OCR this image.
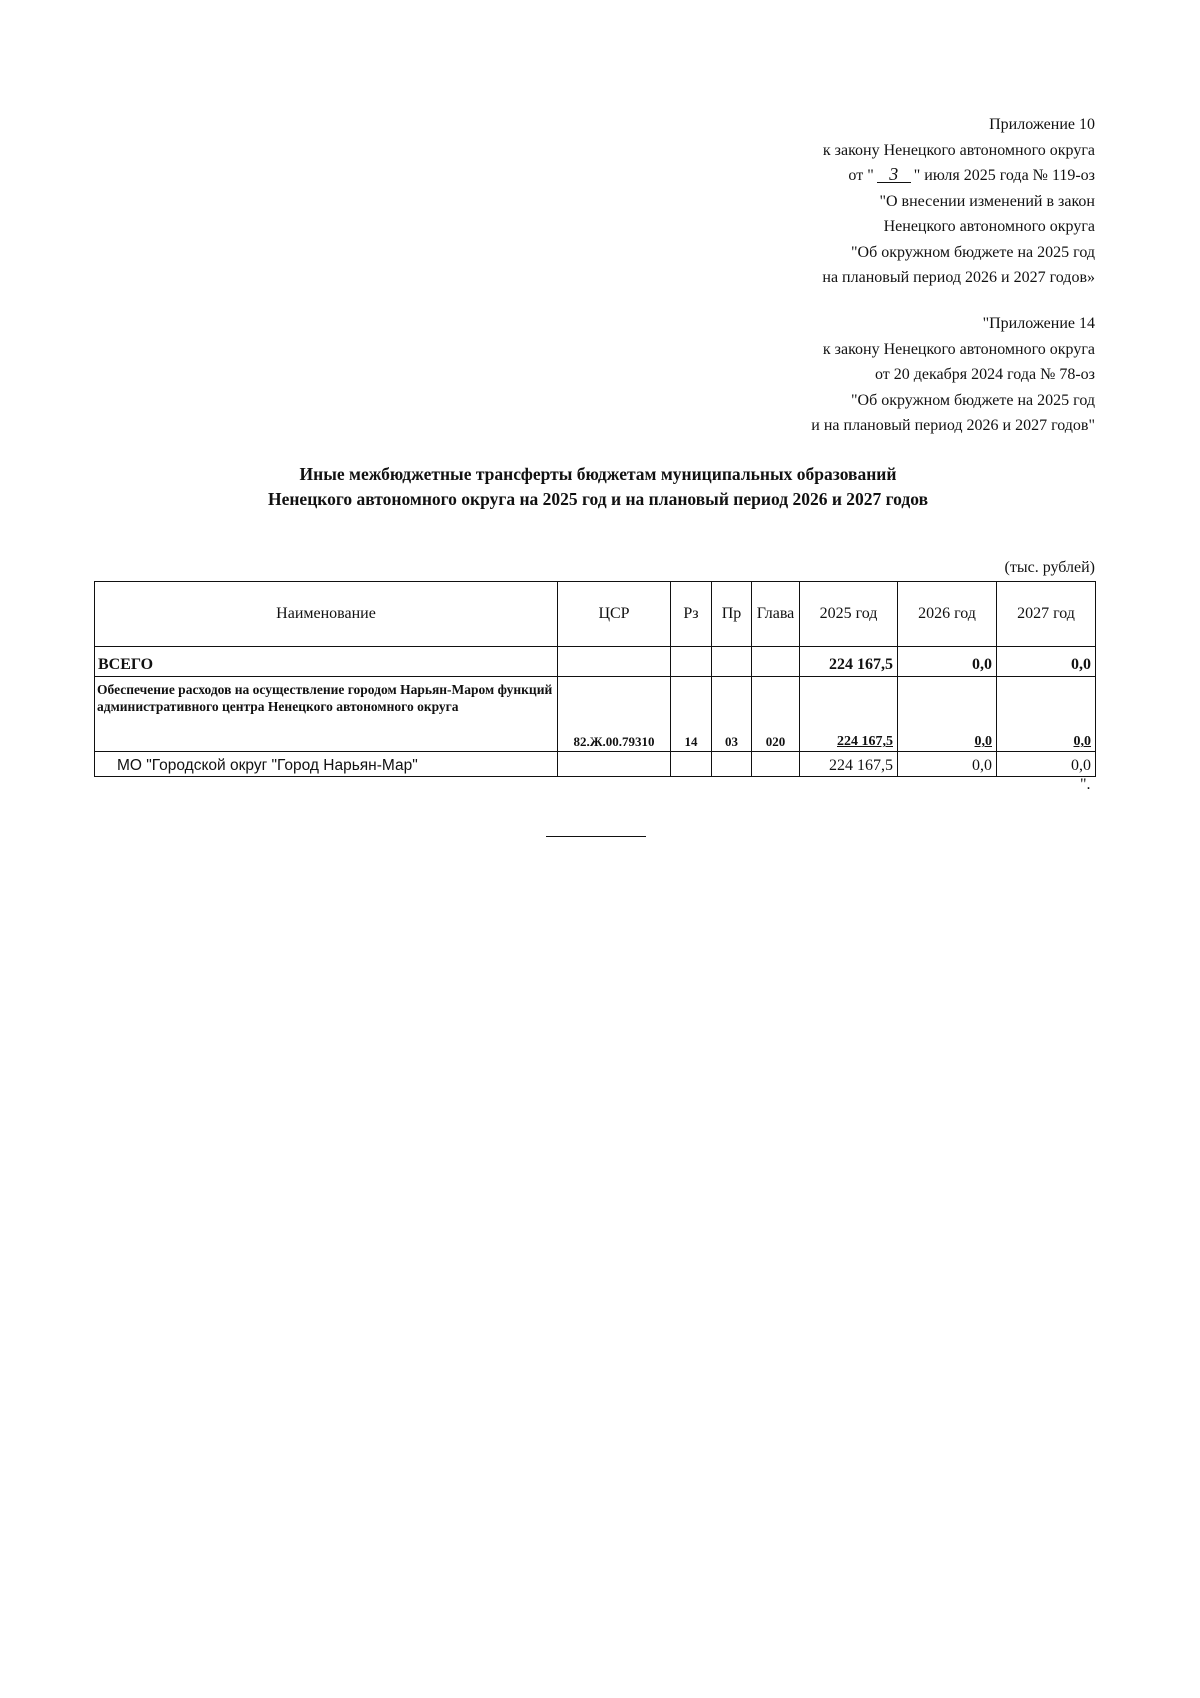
Приложение 10
к закону Ненецкого автономного округа
от " 3 " июля 2025 года № 119-оз
"О внесении изменений в закон
Ненецкого автономного округа
"Об окружном бюджете на 2025 год
на плановый период 2026 и 2027 годов»
"Приложение 14
к закону Ненецкого автономного округа
от 20 декабря 2024 года № 78-оз
"Об окружном бюджете на 2025 год
и на плановый период 2026 и 2027 годов"
Иные межбюджетные трансферты бюджетам муниципальных образований
Ненецкого автономного округа на 2025 год и на плановый период 2026 и 2027 годов
(тыс. рублей)
Наименование	ЦСР	Рз	Пр	Глава	2025 год	2026 год	2027 год
ВСЕГО					224 167,5	0,0	0,0
Обеспечение расходов на осуществление городом Нарьян-Маром функций административного центра Ненецкого автономного округа	82.Ж.00.79310	14	03	020	224 167,5	0,0	0,0
МО "Городской округ "Город Нарьян-Мар"					224 167,5	0,0	0,0
".
